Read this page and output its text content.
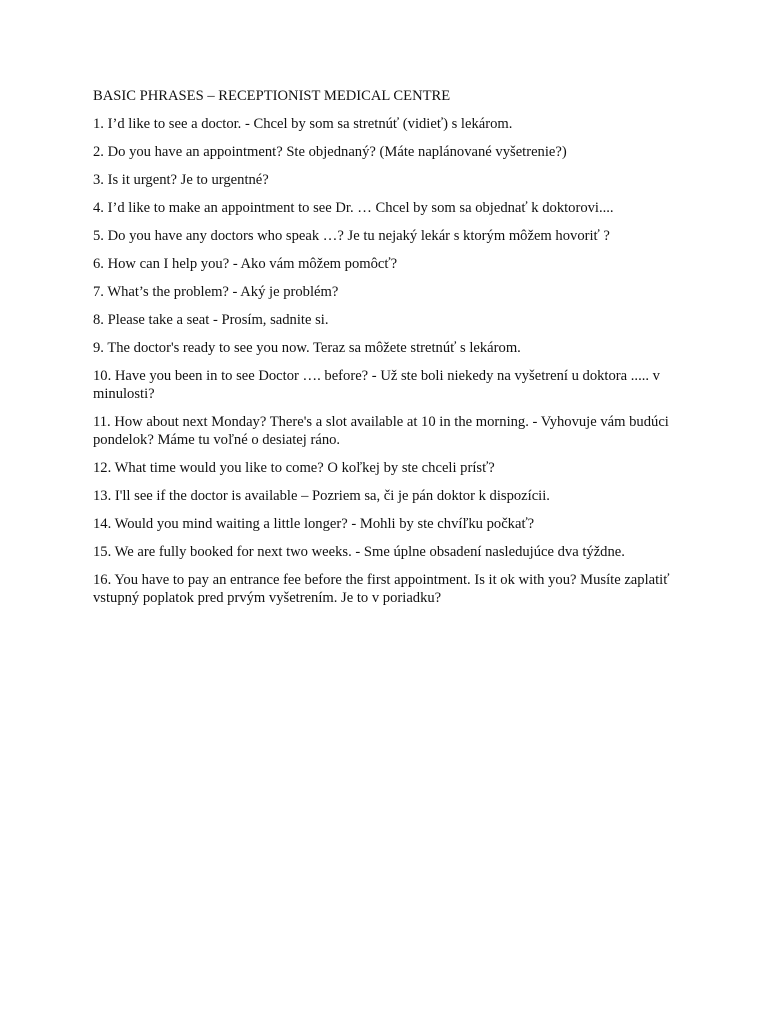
BASIC PHRASES – RECEPTIONIST MEDICAL CENTRE

1. I’d like to see a doctor. - Chcel by som sa stretnúť (vidieť) s lekárom.
2. Do you have an appointment? Ste objednaný? (Máte naplánované vyšetrenie?)
3. Is it urgent? Je to urgentné?
4. I’d like to make an appointment to see Dr. … Chcel by som sa objednať k doktorovi....
5. Do you have any doctors who speak …? Je tu nejaký lekár s ktorým môžem hovoriť ?
6. How can I help you? - Ako vám môžem pomôcť?
7. What’s the problem? - Aký je problém?
8. Please take a seat - Prosím, sadnite si.
9. The doctor's ready to see you now. Teraz sa môžete stretnúť s lekárom.
10. Have you been in to see Doctor …. before? - Už ste boli niekedy na vyšetrení u doktora ..... v minulosti?
11. How about next Monday? There's a slot available at 10 in the morning. - Vyhovuje vám budúci pondelok? Máme tu voľné o desiatej ráno.
12. What time would you like to come? O koľkej by ste chceli prísť?
13. I'll see if the doctor is available – Pozriem sa, či je pán doktor k dispozícii.
14. Would you mind waiting a little longer? - Mohli by ste chvíľku počkať?
15. We are fully booked for next two weeks. - Sme úplne obsadení nasledujúce dva týždne.
16. You have to pay an entrance fee before the first appointment. Is it ok with you? Musíte zaplatiť vstupný poplatok pred prvým vyšetrením. Je to v poriadku?
